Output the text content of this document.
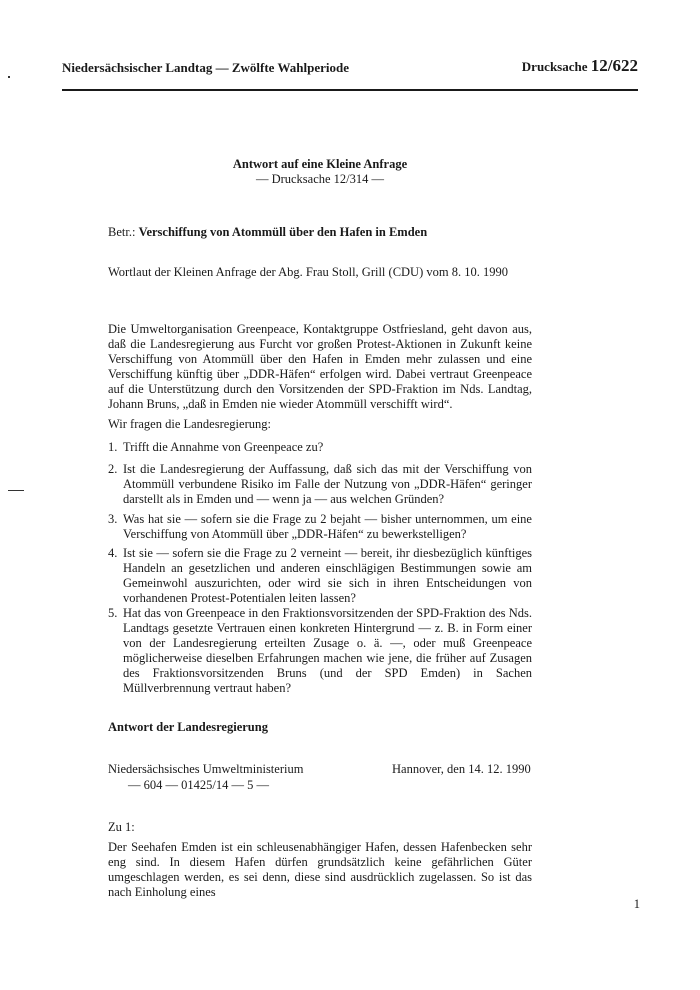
Niedersächsischer Landtag — Zwölfte Wahlperiode	Drucksache 12/622
Antwort auf eine Kleine Anfrage
— Drucksache 12/314 —
Betr.: Verschiffung von Atommüll über den Hafen in Emden
Wortlaut der Kleinen Anfrage der Abg. Frau Stoll, Grill (CDU) vom 8. 10. 1990
Die Umweltorganisation Greenpeace, Kontaktgruppe Ostfriesland, geht davon aus, daß die Landesregierung aus Furcht vor großen Protest-Aktionen in Zukunft keine Verschiffung von Atommüll über den Hafen in Emden mehr zulassen und eine Verschiffung künftig über „DDR-Häfen“ erfolgen wird. Dabei vertraut Greenpeace auf die Unterstützung durch den Vorsitzenden der SPD-Fraktion im Nds. Landtag, Johann Bruns, „daß in Emden nie wieder Atommüll verschifft wird“.
Wir fragen die Landesregierung:
1. Trifft die Annahme von Greenpeace zu?
2. Ist die Landesregierung der Auffassung, daß sich das mit der Verschiffung von Atommüll verbundene Risiko im Falle der Nutzung von „DDR-Häfen“ geringer darstellt als in Emden und — wenn ja — aus welchen Gründen?
3. Was hat sie — sofern sie die Frage zu 2 bejaht — bisher unternommen, um eine Verschiffung von Atommüll über „DDR-Häfen“ zu bewerkstelligen?
4. Ist sie — sofern sie die Frage zu 2 verneint — bereit, ihr diesbezüglich künftiges Handeln an gesetzlichen und anderen einschlägigen Bestimmungen sowie am Gemeinwohl auszurichten, oder wird sie sich in ihren Entscheidungen von vorhandenen Protest-Potentialen leiten lassen?
5. Hat das von Greenpeace in den Fraktionsvorsitzenden der SPD-Fraktion des Nds. Landtags gesetzte Vertrauen einen konkreten Hintergrund — z. B. in Form einer von der Landesregierung erteilten Zusage o. ä. —, oder muß Greenpeace möglicherweise dieselben Erfahrungen machen wie jene, die früher auf Zusagen des Fraktionsvorsitzenden Bruns (und der SPD Emden) in Sachen Müllverbrennung vertraut haben?
Antwort der Landesregierung
Niedersächsisches Umweltministerium	Hannover, den 14. 12. 1990
— 604 — 01425/14 — 5 —
Zu 1:
Der Seehafen Emden ist ein schleusenabhängiger Hafen, dessen Hafenbecken sehr eng sind. In diesem Hafen dürfen grundsätzlich keine gefährlichen Güter umgeschlagen werden, es sei denn, diese sind ausdrücklich zugelassen. So ist das nach Einholung eines
1
